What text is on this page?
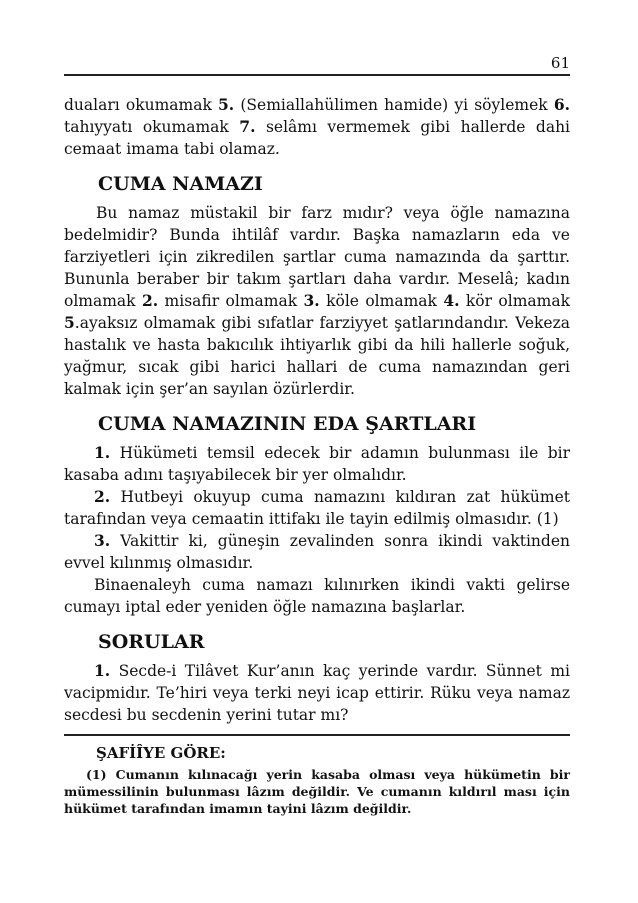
61

duaları okumamak 5. (Semiallahülimen hamide) yi söylemek 6. tahıyyatı okumamak 7. selâmı vermemek gibi hallerde dahi cemaat imama tabi olamaz.

CUMA NAMAZI

Bu namaz müstakil bir farz mıdır? veya öğle namazına bedelmidir? Bunda ihtilâf vardır. Başka namazların eda ve farziyetleri için zikredilen şartlar cuma namazında da şarttır. Bununla beraber bir takım şartları daha vardır. Meselâ; kadın olmamak 2. misafir olmamak 3. köle olmamak 4. kör olmamak 5.ayaksız olmamak gibi sıfatlar farziyyet şatlarındandır. Vekeza hastalık ve hasta bakıcılık ihtiyarlık gibi da hili hallerle soğuk, yağmur, sıcak gibi harici hallari de cuma namazından geri kalmak için şer’an sayılan özürlerdir.

CUMA NAMAZININ EDA ŞARTLARI

1. Hükümeti temsil edecek bir adamın bulunması ile bir kasaba adını taşıyabilecek bir yer olmalıdır.

2. Hutbeyi okuyup cuma namazını kıldıran zat hükümet tarafından veya cemaatin ittifakı ile tayin edilmiş olmasıdır. (1)

3. Vakittir ki, güneşin zevalinden sonra ikindi vaktinden evvel kılınmış olmasıdır.

Binaenaleyh cuma namazı kılınırken ikindi vakti gelirse cumayı iptal eder yeniden öğle namazına başlarlar.

SORULAR

1. Secde-i Tilâvet Kur’anın kaç yerinde vardır. Sünnet mi vacipmidır. Te’hiri veya terki neyi icap ettirir. Rüku veya namaz secdesi bu secdenin yerini tutar mı?

ŞAFİÎYE GÖRE:

(1) Cumanın kılınacağı yerin kasaba olması veya hükümetin bir mümessilinin bulunması lâzım değildir. Ve cumanın kıldırıl ması için hükümet tarafından imamın tayini lâzım değildir.
